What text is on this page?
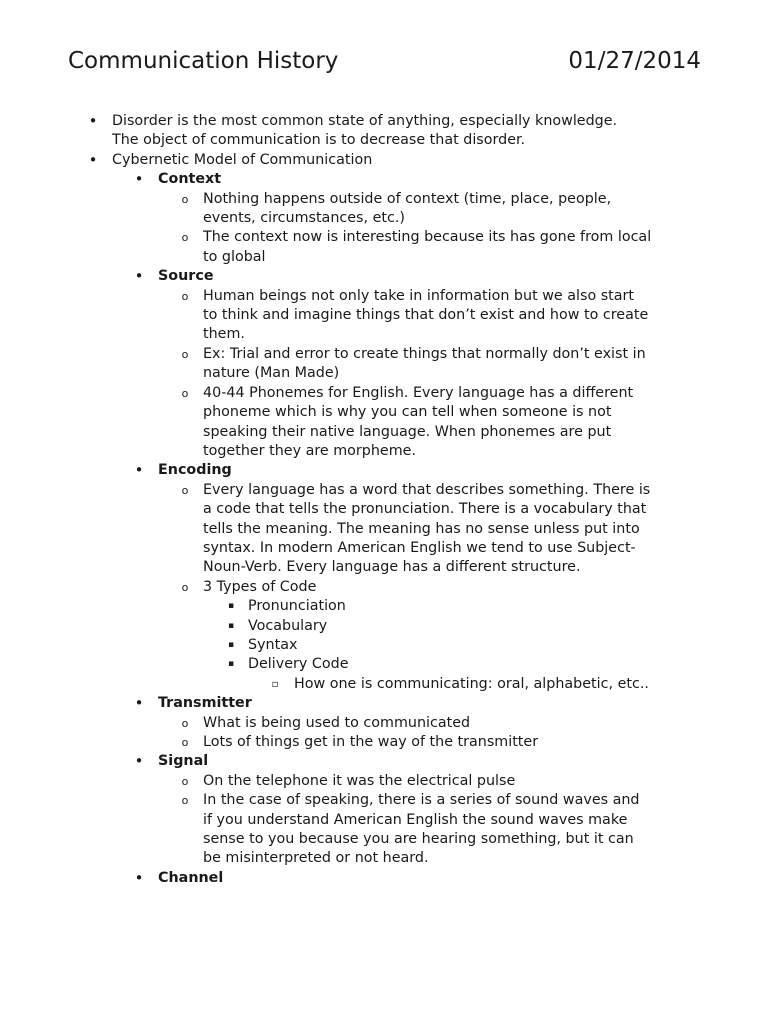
Communication History	01/27/2014
• Disorder is the most common state of anything, especially knowledge.
The object of communication is to decrease that disorder.
• Cybernetic Model of Communication
• Context
o Nothing happens outside of context (time, place, people,
events, circumstances, etc.)
o The context now is interesting because its has gone from local
to global
• Source
o Human beings not only take in information but we also start
to think and imagine things that don’t exist and how to create
them.
o Ex: Trial and error to create things that normally don’t exist in
nature (Man Made)
o 40-44 Phonemes for English. Every language has a different
phoneme which is why you can tell when someone is not
speaking their native language. When phonemes are put
together they are morpheme.
• Encoding
o Every language has a word that describes something. There is
a code that tells the pronunciation. There is a vocabulary that
tells the meaning. The meaning has no sense unless put into
syntax. In modern American English we tend to use Subject-
Noun-Verb. Every language has a different structure.
o 3 Types of Code
▪ Pronunciation
▪ Vocabulary
▪ Syntax
▪ Delivery Code
▫ How one is communicating: oral, alphabetic, etc..
• Transmitter
o What is being used to communicated
o Lots of things get in the way of the transmitter
• Signal
o On the telephone it was the electrical pulse
o In the case of speaking, there is a series of sound waves and
if you understand American English the sound waves make
sense to you because you are hearing something, but it can
be misinterpreted or not heard.
• Channel
